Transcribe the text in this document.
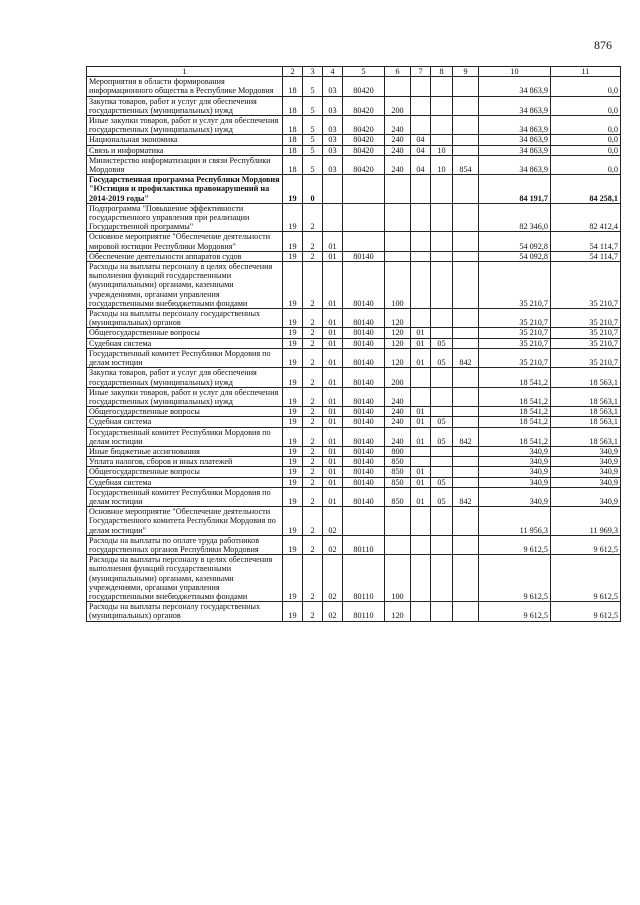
876
1	2	3	4	5	6	7	8	9	10	11
Мероприятия в области формирования информационного общества в Республике Мордовия	18	5	03	80420					34 863,9	0,0
Закупка товаров, работ и услуг для обеспечения государственных (муниципальных) нужд	18	5	03	80420	200				34 863,9	0,0
Иные закупки товаров, работ и услуг для обеспечения государственных (муниципальных) нужд	18	5	03	80420	240				34 863,9	0,0
Национальная экономика	18	5	03	80420	240	04			34 863,9	0,0
Связь и информатика	18	5	03	80420	240	04	10		34 863,9	0,0
Министерство информатизации и связи Республики Мордовия	18	5	03	80420	240	04	10	854	34 863,9	0,0
Государственная программа Республики Мордовия "Юстиция и профилактика правонарушений на 2014-2019 годы"	19	0							84 191,7	84 258,1
Подпрограмма "Повышение эффективности государственного управления при реализации Государственной программы"	19	2							82 346,0	82 412,4
Основное мероприятие "Обеспечение деятельности мировой юстиции Республики Мордовия"	19	2	01						54 092,8	54 114,7
Обеспечение деятельности аппаратов судов	19	2	01	80140					54 092,8	54 114,7
Расходы на выплаты персоналу в целях обеспечения выполнения функций государственными (муниципальными) органами, казенными учреждениями, органами управления государственными внебюджетными фондами	19	2	01	80140	100				35 210,7	35 210,7
Расходы на выплаты персоналу государственных (муниципальных) органов	19	2	01	80140	120				35 210,7	35 210,7
Общегосударственные вопросы	19	2	01	80140	120	01			35 210,7	35 210,7
Судебная система	19	2	01	80140	120	01	05		35 210,7	35 210,7
Государственный комитет Республики Мордовия по делам юстиции	19	2	01	80140	120	01	05	842	35 210,7	35 210,7
Закупка товаров, работ и услуг для обеспечения государственных (муниципальных) нужд	19	2	01	80140	200				18 541,2	18 563,1
Иные закупки товаров, работ и услуг для обеспечения государственных (муниципальных) нужд	19	2	01	80140	240				18 541,2	18 563,1
Общегосударственные вопросы	19	2	01	80140	240	01			18 541,2	18 563,1
Судебная система	19	2	01	80140	240	01	05		18 541,2	18 563,1
Государственный комитет Республики Мордовия по делам юстиции	19	2	01	80140	240	01	05	842	18 541,2	18 563,1
Иные бюджетные ассигнования	19	2	01	80140	800				340,9	340,9
Уплата налогов, сборов и иных платежей	19	2	01	80140	850				340,9	340,9
Общегосударственные вопросы	19	2	01	80140	850	01			340,9	340,9
Судебная система	19	2	01	80140	850	01	05		340,9	340,9
Государственный комитет Республики Мордовия по делам юстиции	19	2	01	80140	850	01	05	842	340,9	340,9
Основное мероприятие "Обеспечение деятельности Государственного комитета Республики Мордовия по делам юстиции"	19	2	02						11 956,3	11 969,3
Расходы на выплаты по оплате труда работников государственных органов Республики Мордовия	19	2	02	80110					9 612,5	9 612,5
Расходы на выплаты персоналу в целях обеспечения выполнения функций государственными (муниципальными) органами, казенными учреждениями, органами управления государственными внебюджетными фондами	19	2	02	80110	100				9 612,5	9 612,5
Расходы на выплаты персоналу государственных (муниципальных) органов	19	2	02	80110	120				9 612,5	9 612,5
